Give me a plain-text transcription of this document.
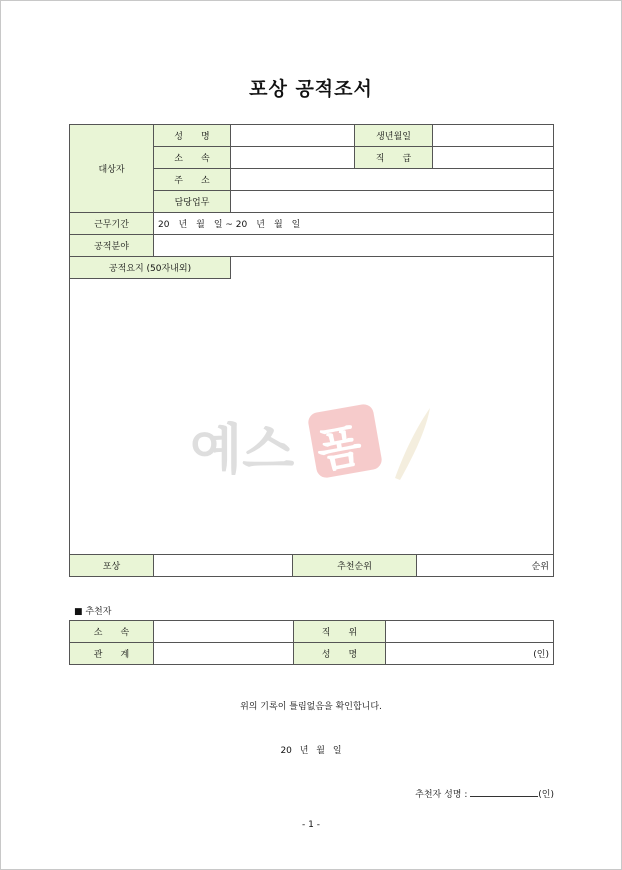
포상 공적조서
대상자	성　　명			생년월일		
	소　　속			직　　급		
	주　　소					
	담당업무					
근무기간	20　년　월　일 ~ 20　년　월　일					
공적분야						
공적요지 (50자내외)						

포상			추천순위		순위	
■ 추천자
소　　속		직　　위	
관　　계		성　　명	(인)
위의 기록이 틀림없음을 확인합니다.
20 년 월 일
추천자 성명 :	(인)
- 1 -
예스 폼
